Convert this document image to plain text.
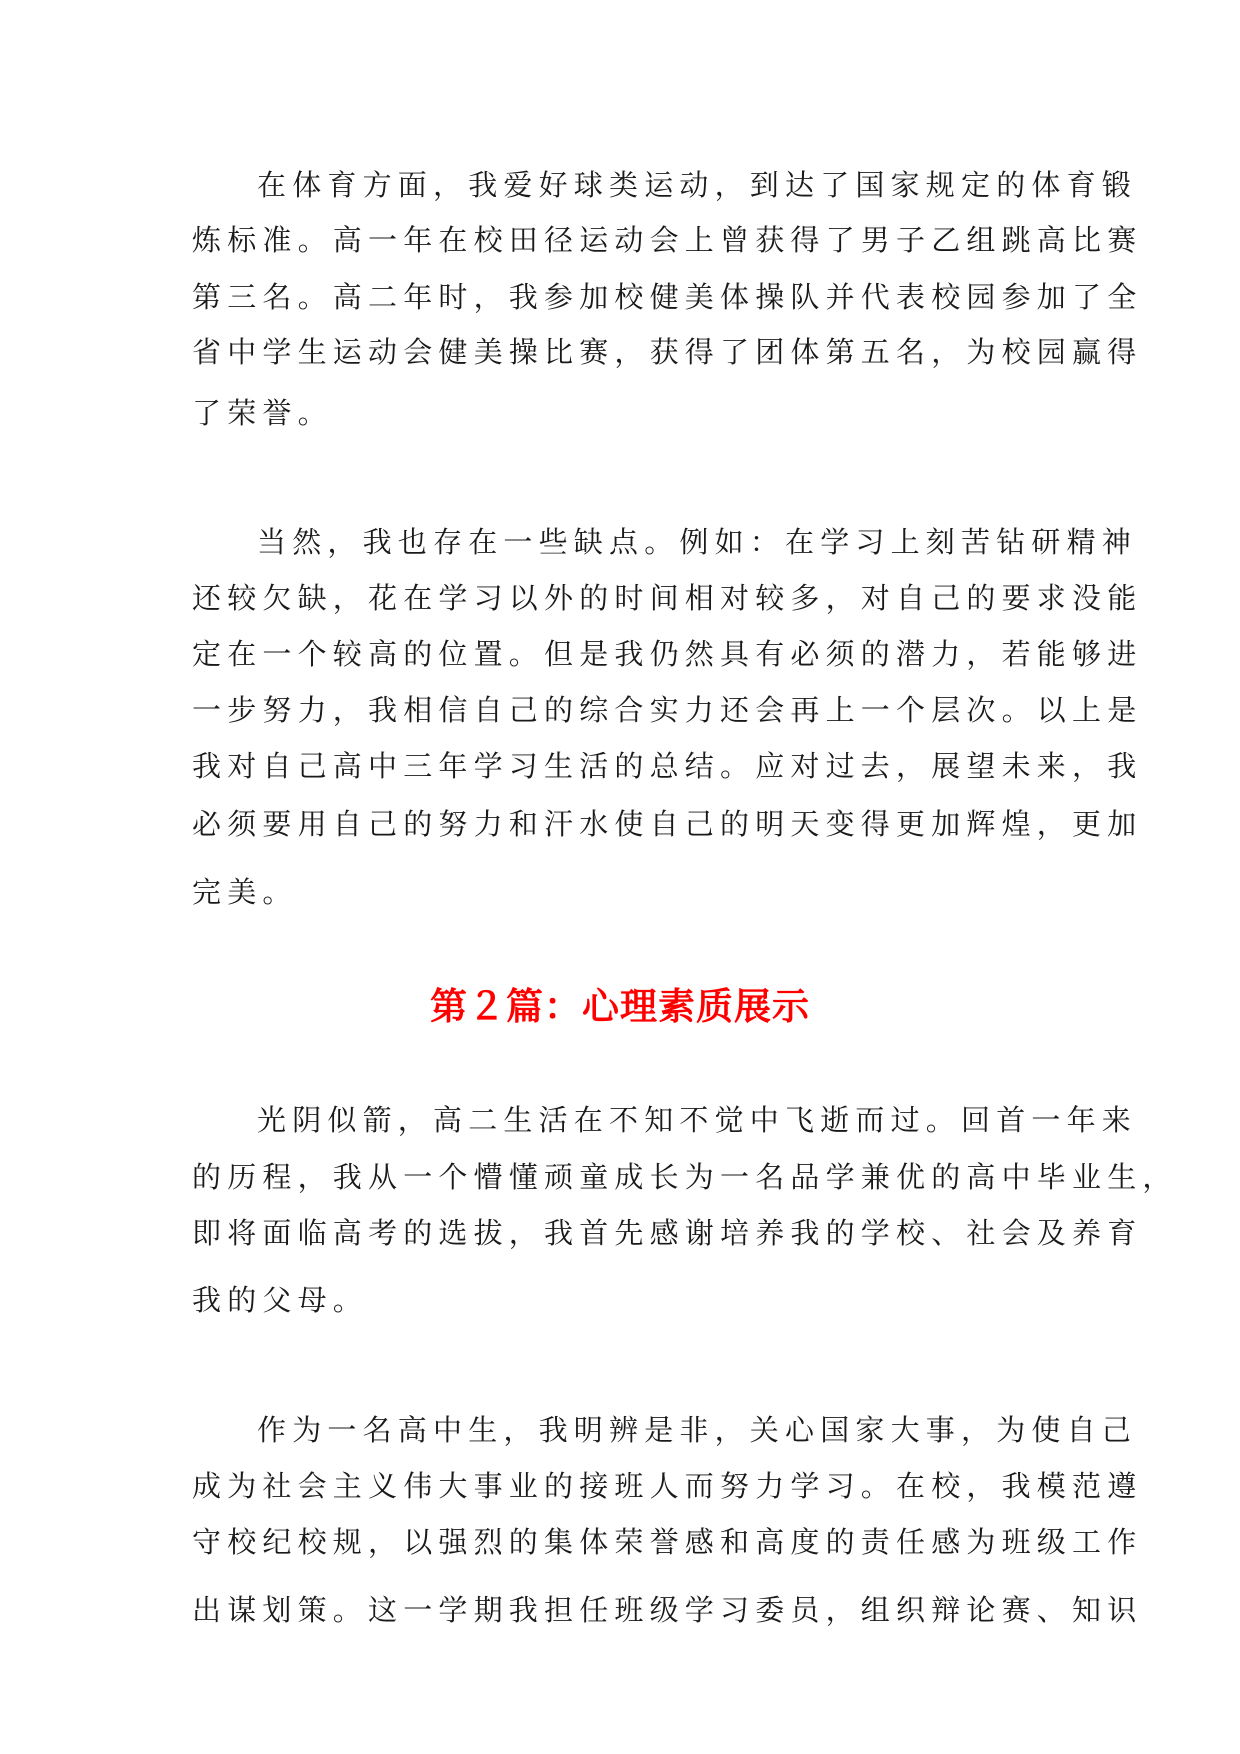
在体育方面，我爱好球类运动，到达了国家规定的体育锻
炼标准。高一年在校田径运动会上曾获得了男子乙组跳高比赛
第三名。高二年时，我参加校健美体操队并代表校园参加了全
省中学生运动会健美操比赛，获得了团体第五名，为校园赢得
了荣誉。
当然，我也存在一些缺点。例如：在学习上刻苦钻研精神
还较欠缺，花在学习以外的时间相对较多，对自己的要求没能
定在一个较高的位置。但是我仍然具有必须的潜力，若能够进
一步努力，我相信自己的综合实力还会再上一个层次。以上是
我对自己高中三年学习生活的总结。应对过去，展望未来，我
必须要用自己的努力和汗水使自己的明天变得更加辉煌，更加
完美。
第２篇：心理素质展示
光阴似箭，高二生活在不知不觉中飞逝而过。回首一年来
的历程，我从一个懵懂顽童成长为一名品学兼优的高中毕业生，
即将面临高考的选拔，我首先感谢培养我的学校、社会及养育
我的父母。
作为一名高中生，我明辨是非，关心国家大事，为使自己
成为社会主义伟大事业的接班人而努力学习。在校，我模范遵
守校纪校规，以强烈的集体荣誉感和高度的责任感为班级工作
出谋划策。这一学期我担任班级学习委员，组织辩论赛、知识
